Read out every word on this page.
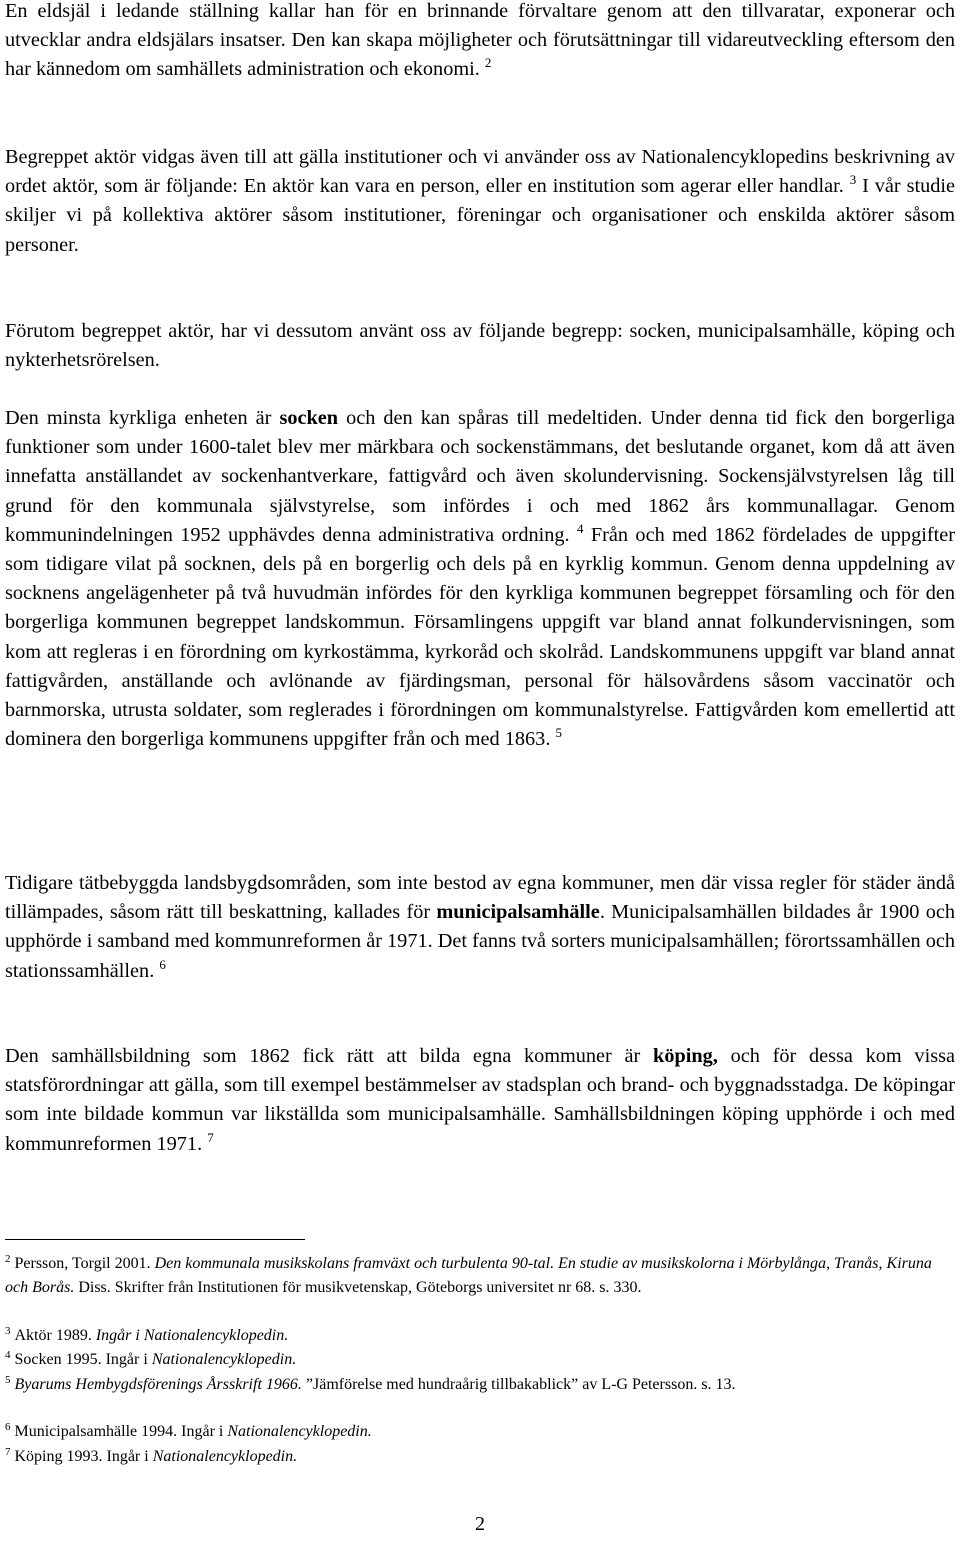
En eldsjäl i ledande ställning kallar han för en brinnande förvaltare genom att den tillvaratar, exponerar och utvecklar andra eldsjälars insatser. Den kan skapa möjligheter och förutsättningar till vidareutveckling eftersom den har kännedom om samhällets administration och ekonomi. $^2$

Begreppet aktör vidgas även till att gälla institutioner och vi använder oss av Nationalencyklopedins beskrivning av ordet aktör, som är följande: En aktör kan vara en person, eller en institution som agerar eller handlar. $^3$ I vår studie skiljer vi på kollektiva aktörer såsom institutioner, föreningar och organisationer och enskilda aktörer såsom personer.

Förutom begreppet aktör, har vi dessutom använt oss av följande begrepp: socken, municipalsamhälle, köping och nykterhetsrörelsen.

Den minsta kyrkliga enheten är socken och den kan spåras till medeltiden. Under denna tid fick den borgerliga funktioner som under 1600-talet blev mer märkbara och sockenstämmans, det beslutande organet, kom då att även innefatta anställandet av sockenhantverkare, fattigvård och även skolundervisning. Sockensjälvstyrelsen låg till grund för den kommunala självstyrelse, som infördes i och med 1862 års kommunallagar. Genom kommunindelningen 1952 upphävdes denna administrativa ordning. $^4$ Från och med 1862 fördelades de uppgifter som tidigare vilat på socknen, dels på en borgerlig och dels på en kyrklig kommun. Genom denna uppdelning av socknens angelägenheter på två huvudmän infördes för den kyrkliga kommunen begreppet församling och för den borgerliga kommunen begreppet landskommun. Församlingens uppgift var bland annat folkundervisningen, som kom att regleras i en förordning om kyrkostämma, kyrkoråd och skolråd. Landskommunens uppgift var bland annat fattigvården, anställande och avlönande av fjärdingsman, personal för hälsovårdens såsom vaccinatör och barnmorska, utrusta soldater, som reglerades i förordningen om kommunalstyrelse. Fattigvården kom emellertid att dominera den borgerliga kommunens uppgifter från och med 1863. $^5$

Tidigare tätbebyggda landsbygdsområden, som inte bestod av egna kommuner, men där vissa regler för städer ändå tillämpades, såsom rätt till beskattning, kallades för municipalsamhälle. Municipalsamhällen bildades år 1900 och upphörde i samband med kommunreformen år 1971. Det fanns två sorters municipalsamhällen; förortssamhällen och stationssamhällen. $^6$

Den samhällsbildning som 1862 fick rätt att bilda egna kommuner är köping, och för dessa kom vissa statsförordningar att gälla, som till exempel bestämmelser av stadsplan och brand- och byggnadsstadga. De köpingar som inte bildade kommun var likställda som municipalsamhälle. Samhällsbildningen köping upphörde i och med kommunreformen 1971. $^7$

$^2$ Persson, Torgil 2001. Den kommunala musikskolans framväxt och turbulenta 90-tal. En studie av musikskolorna i Mörbylånga, Tranås, Kiruna och Borås. Diss. Skrifter från Institutionen för musikvetenskap, Göteborgs universitet nr 68. s. 330.

$^3$ Aktör 1989. Ingår i Nationalencyklopedin.

$^4$ Socken 1995. Ingår i Nationalencyklopedin.

$^5$ Byarums Hembygdsförenings Årsskrift 1966. ”Jämförelse med hundraårig tillbakablick” av L-G Petersson. s. 13.

$^6$ Municipalsamhälle 1994. Ingår i Nationalencyklopedin.

$^7$ Köping 1993. Ingår i Nationalencyklopedin.

2
